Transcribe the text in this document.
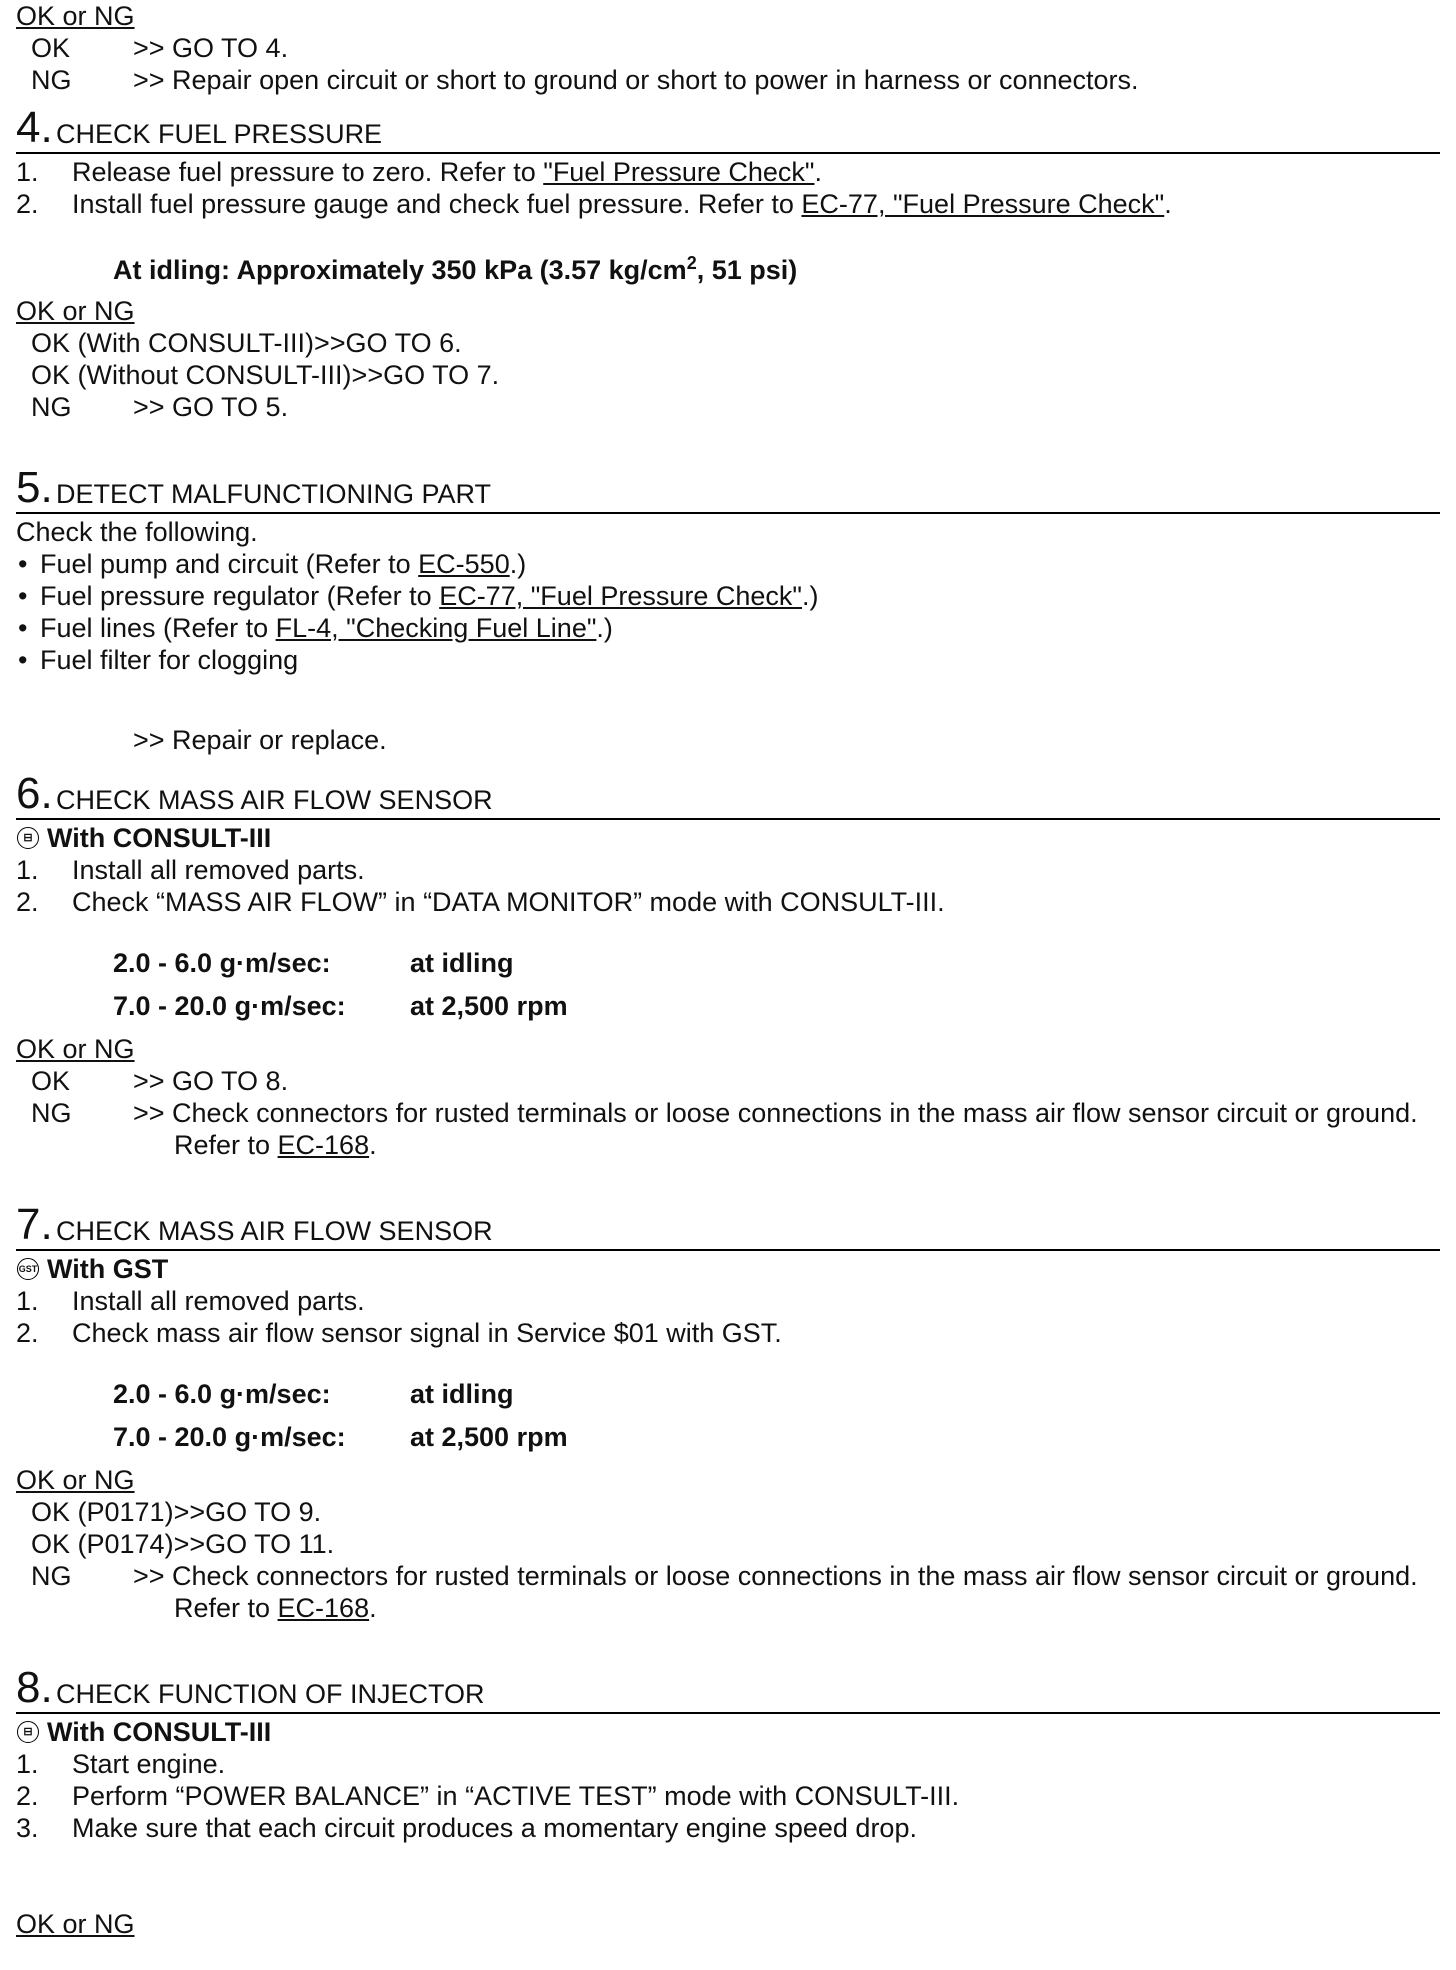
OK or NG
OK >> GO TO 4.
NG >> Repair open circuit or short to ground or short to power in harness or connectors.
4. CHECK FUEL PRESSURE
1. Release fuel pressure to zero. Refer to "Fuel Pressure Check".
2. Install fuel pressure gauge and check fuel pressure. Refer to EC-77, "Fuel Pressure Check".
At idling: Approximately 350 kPa (3.57 $kg/cm^2$, 51 psi)
OK or NG
OK (With CONSULT-III)>>GO TO 6.
OK (Without CONSULT-III)>>GO TO 7.
NG >> GO TO 5.
5. DETECT MALFUNCTIONING PART
Check the following.
• Fuel pump and circuit (Refer to EC-550.)
• Fuel pressure regulator (Refer to EC-77, "Fuel Pressure Check".)
• Fuel lines (Refer to FL-4, "Checking Fuel Line".)
• Fuel filter for clogging
>> Repair or replace.
6. CHECK MASS AIR FLOW SENSOR
⊟ With CONSULT-III
1. Install all removed parts.
2. Check “MASS AIR FLOW” in “DATA MONITOR” mode with CONSULT-III.
2.0 - 6.0 g·m/sec:	at idling
7.0 - 20.0 g·m/sec:	at 2,500 rpm
OK or NG
OK >> GO TO 8.
NG >> Check connectors for rusted terminals or loose connections in the mass air flow sensor circuit or ground. Refer to EC-168.
7. CHECK MASS AIR FLOW SENSOR
GST With GST
1. Install all removed parts.
2. Check mass air flow sensor signal in Service $01 with GST.
2.0 - 6.0 g·m/sec:	at idling
7.0 - 20.0 g·m/sec:	at 2,500 rpm
OK or NG
OK (P0171)>>GO TO 9.
OK (P0174)>>GO TO 11.
NG >> Check connectors for rusted terminals or loose connections in the mass air flow sensor circuit or ground. Refer to EC-168.
8. CHECK FUNCTION OF INJECTOR
⊟ With CONSULT-III
1. Start engine.
2. Perform “POWER BALANCE” in “ACTIVE TEST” mode with CONSULT-III.
3. Make sure that each circuit produces a momentary engine speed drop.
OK or NG
